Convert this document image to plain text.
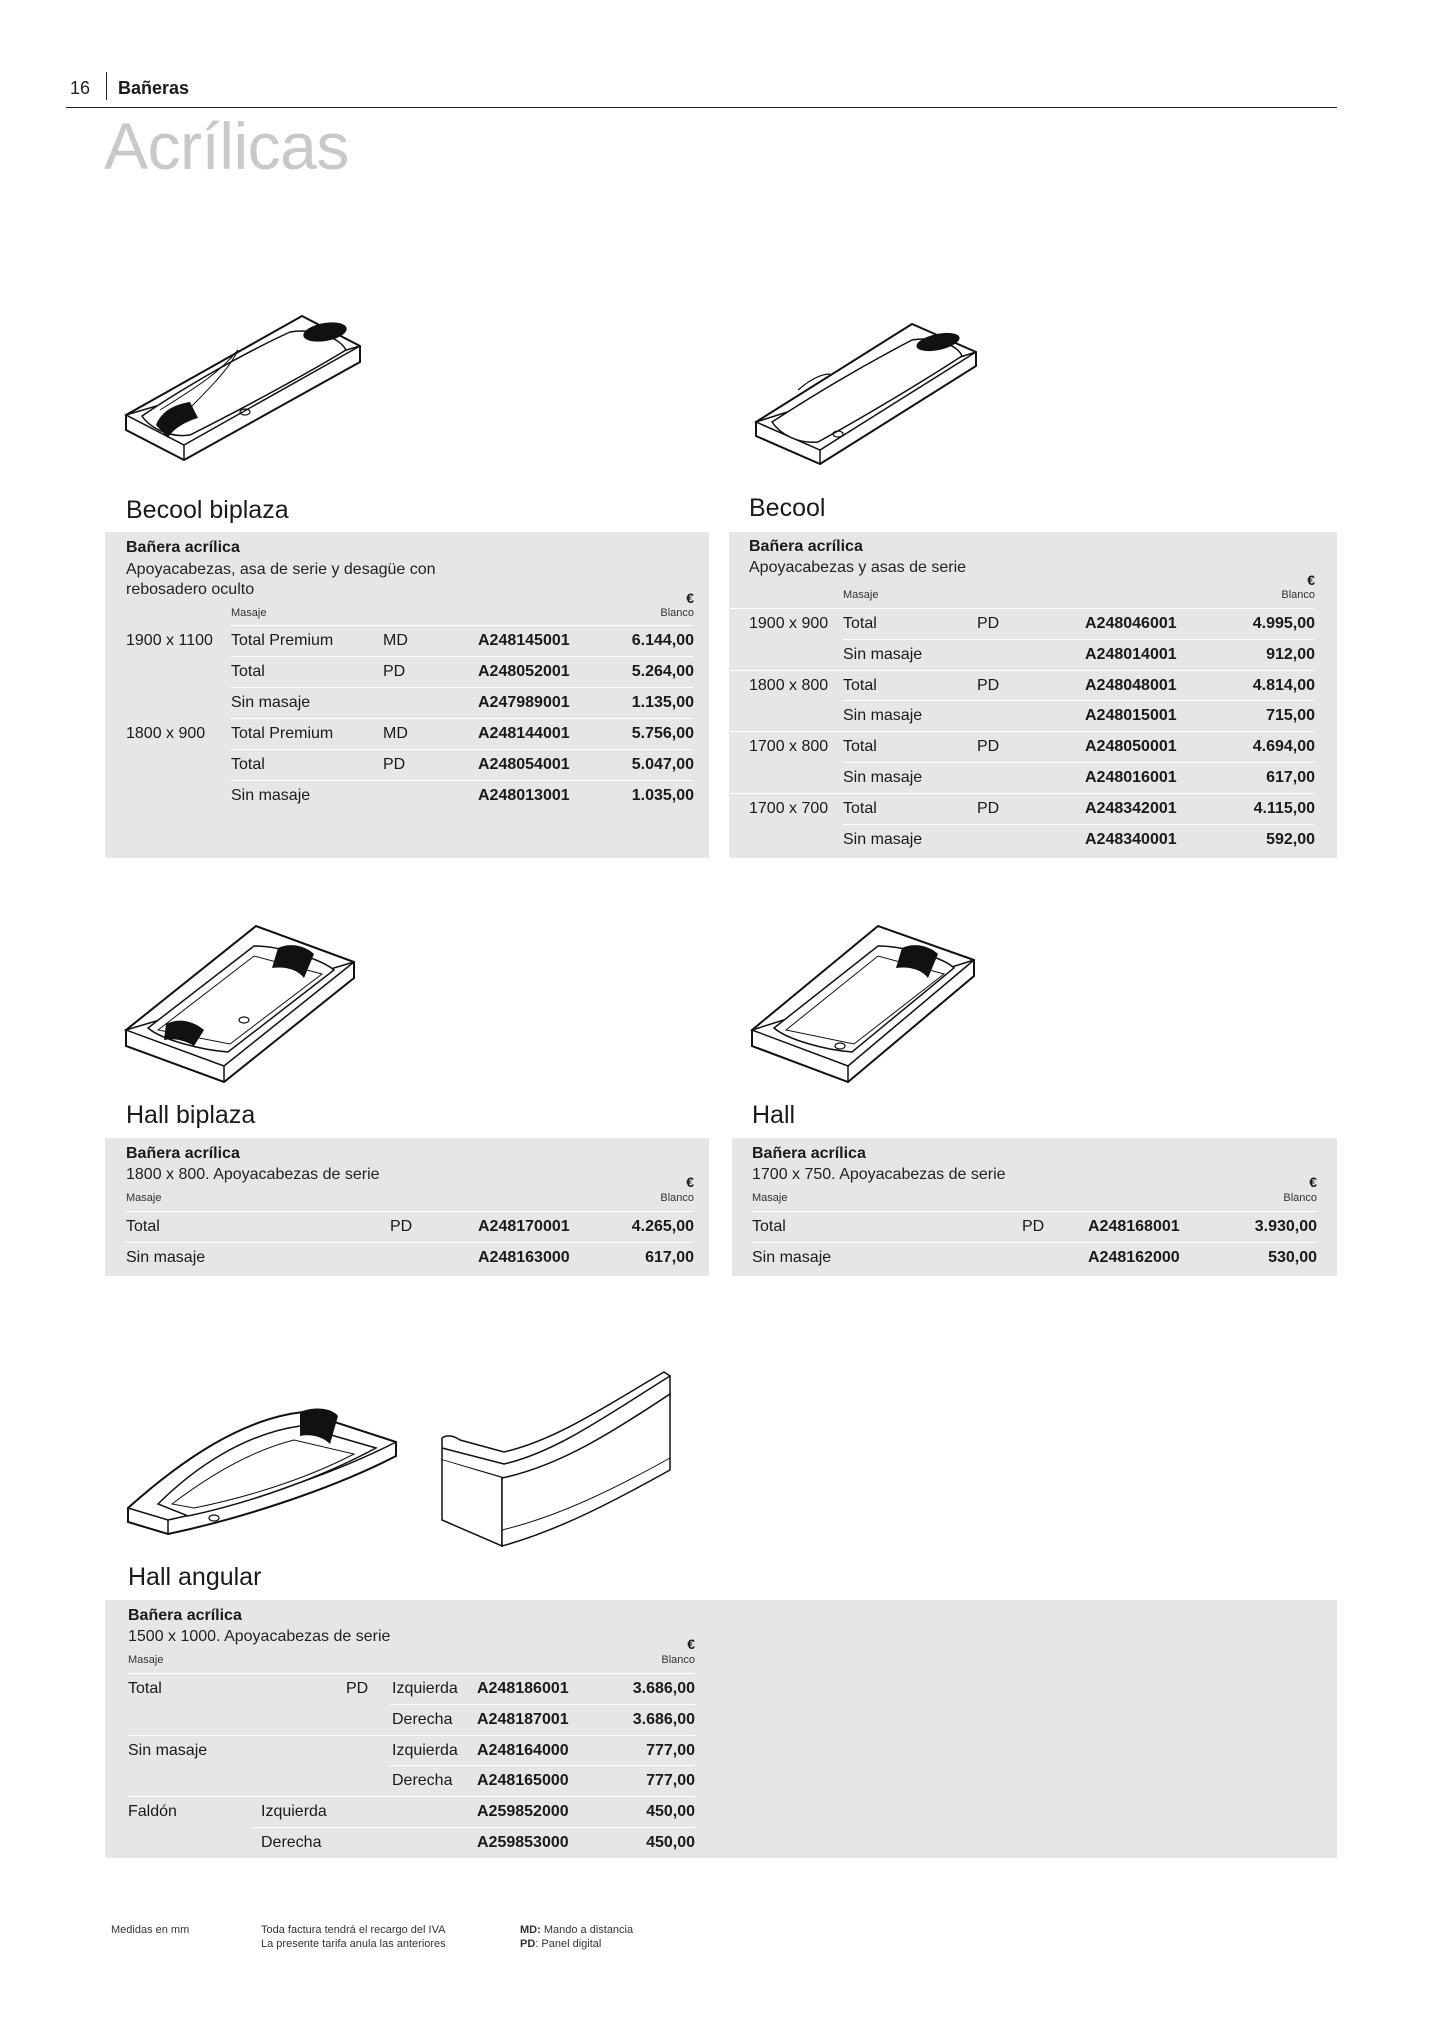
16 Bañeras
Acrílicas
Becool biplaza	Becool
Hall biplaza	Hall
Hall angular
Bañera acrílica
Apoyacabezas, asa de serie y desagüe con
rebosadero oculto	€
Masaje	Blanco
1900 x 1100 Total Premium	MD	A248145001	6.144,00
Total	PD	A248052001	5.264,00
Sin masaje	A247989001	1.135,00
1800 x 900 Total Premium	MD	A248144001	5.756,00
Total	PD	A248054001	5.047,00
Sin masaje	A248013001	1.035,00
Bañera acrílica
Apoyacabezas y asas de serie
€
Masaje	Blanco
1900 x 900 Total	PD	A248046001	4.995,00
Sin masaje	A248014001	912,00
1800 x 800 Total	PD	A248048001	4.814,00
Sin masaje	A248015001	715,00
1700 x 800 Total	PD	A248050001	4.694,00
Sin masaje	A248016001	617,00
1700 x 700 Total	PD	A248342001	4.115,00
Sin masaje	A248340001	592,00
Bañera acrílica
1800 x 800. Apoyacabezas de serie	€
Masaje	Blanco
Total	PD	A248170001	4.265,00
Sin masaje	A248163000	617,00
Bañera acrílica
1700 x 750. Apoyacabezas de serie	€
Masaje	Blanco
Total	PD	A248168001	3.930,00
Sin masaje	A248162000	530,00
Bañera acrílica
1500 x 1000. Apoyacabezas de serie	€
Masaje	Blanco
Total	PD Izquierda A248186001	3.686,00
Derecha A248187001	3.686,00
Sin masaje	Izquierda A248164000	777,00
Derecha A248165000	777,00
Faldón	Izquierda	A259852000	450,00
Derecha	A259853000	450,00
Medidas en mm	Toda factura tendrá el recargo del IVA
La presente tarifa anula las anteriores
MD: Mando a distancia
PD: Panel digital
